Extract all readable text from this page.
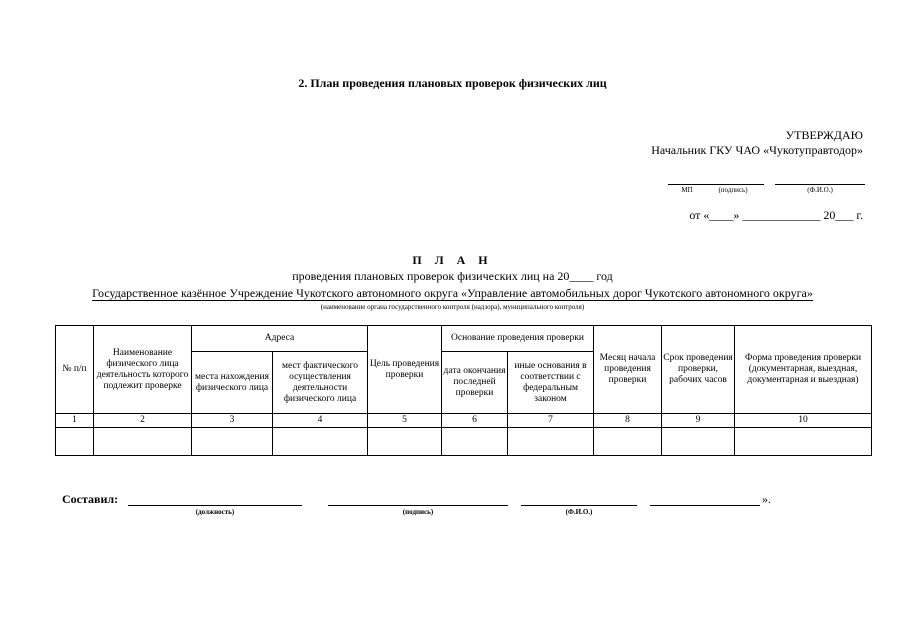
2. План проведения плановых проверок физических лиц
УТВЕРЖДАЮ
Начальник ГКУ ЧАО «Чукотуправтодор»
МП	(подпись)	(Ф.И.О.)
от «____» _____________ 20___ г.
П Л А Н
проведения плановых проверок физических лиц на 20____ год
Государственное казённое Учреждение Чукотского автономного округа «Управление автомобильных дорог Чукотского автономного округа»
(наименование органа государственного контроля (надзора), муниципального контроля)
№ п/п	Наименование физического лица деятельность которого подлежит проверке	Адреса		Цель проведения проверки	Основание проведения проверки		Месяц начала проведения проверки	Срок проведения проверки, рабочих часов	Форма проведения проверки (документарная, выездная, документарная и выездная)
		места нахождения физического лица	мест фактического осуществления деятельности физического лица		дата окончания последней проверки	иные основания в соответствии с федеральным законом			
1	2	3	4	5	6	7	8	9	10

Составил:	».
(должность)	(подпись)	(Ф.И.О.)
